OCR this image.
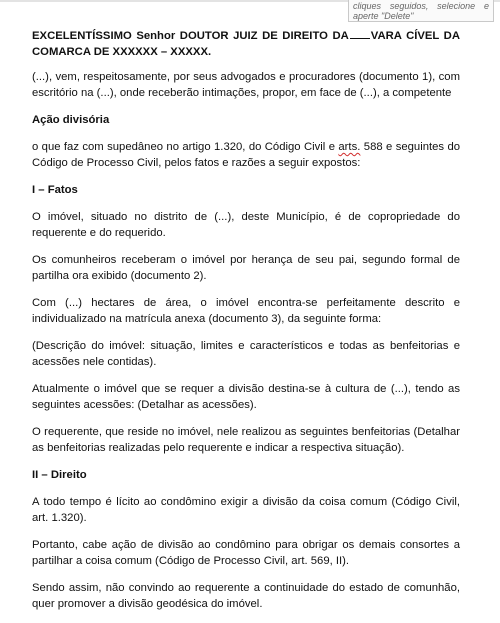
cliques seguidos, selecione e aperte "Delete"

EXCELENTÍSSIMO Senhor DOUTOR JUIZ DE DIREITO DA VARA CÍVEL DA COMARCA DE XXXXXX – XXXXX.

(...), vem, respeitosamente, por seus advogados e procuradores (documento 1), com escritório na (...), onde receberão intimações, propor, em face de (...), a competente

Ação divisória

o que faz com supedâneo no artigo 1.320, do Código Civil e arts. 588 e seguintes do Código de Processo Civil, pelos fatos e razões a seguir expostos:

I – Fatos

O imóvel, situado no distrito de (...), deste Município, é de copropriedade do requerente e do requerido.

Os comunheiros receberam o imóvel por herança de seu pai, segundo formal de partilha ora exibido (documento 2).

Com (...) hectares de área, o imóvel encontra-se perfeitamente descrito e individualizado na matrícula anexa (documento 3), da seguinte forma:

(Descrição do imóvel: situação, limites e característicos e todas as benfeitorias e acessões nele contidas).

Atualmente o imóvel que se requer a divisão destina-se à cultura de (...), tendo as seguintes acessões: (Detalhar as acessões).

O requerente, que reside no imóvel, nele realizou as seguintes benfeitorias (Detalhar as benfeitorias realizadas pelo requerente e indicar a respectiva situação).

II – Direito

A todo tempo é lícito ao condômino exigir a divisão da coisa comum (Código Civil, art. 1.320).

Portanto, cabe ação de divisão ao condômino para obrigar os demais consortes a partilhar a coisa comum (Código de Processo Civil, art. 569, II).

Sendo assim, não convindo ao requerente a continuidade do estado de comunhão, quer promover a divisão geodésica do imóvel.
